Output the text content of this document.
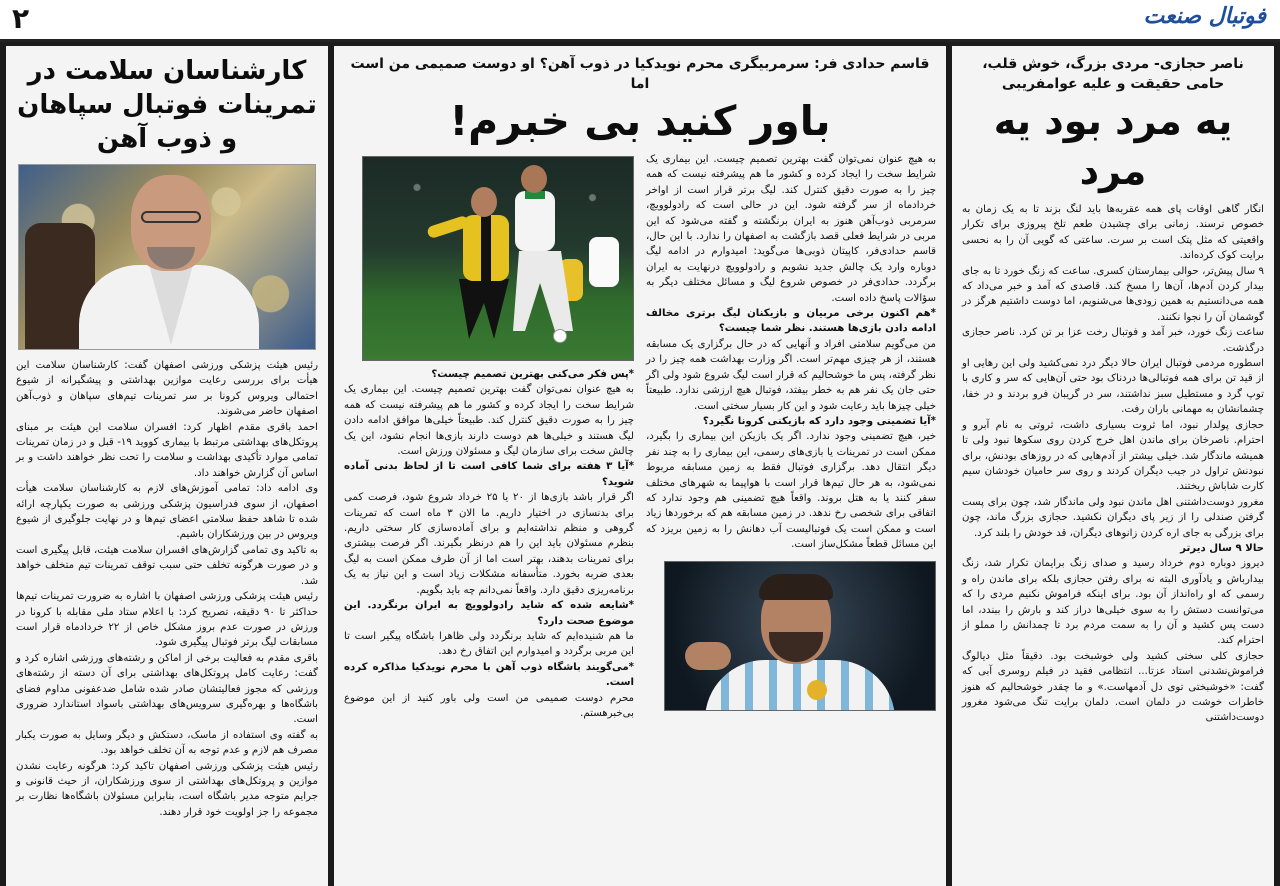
۲	فوتبال صنعت
کارشناسان سلامت در تمرینات فوتبال سپاهان و ذوب آهن

رئیس هیئت پزشکی ورزشی اصفهان گفت: کارشناسان سلامت این هیأت برای بررسی رعایت موازین بهداشتی و پیشگیرانه از شیوع احتمالی ویروس کرونا بر سر تمرینات تیم‌های سپاهان و ذوب‌آهن اصفهان حاضر می‌شوند.

احمد باقری مقدم اظهار کرد: افسران سلامت این هیئت بر مبنای پروتکل‌های بهداشتی مرتبط با بیماری کووید ۱۹- قبل و در زمان تمرینات تمامی موارد تأکیدی بهداشت و سلامت را تحت نظر خواهند داشت و بر اساس آن گزارش خواهند داد.

وی ادامه داد: تمامی آموزش‌های لازم به کارشناسان سلامت هیأت اصفهان، از سوی فدراسیون پزشکی ورزشی به صورت یکپارچه ارائه شده تا شاهد حفظ سلامتی اعضای تیم‌ها و در نهایت جلوگیری از شیوع ویروس در بین ورزشکاران باشیم.

به تاکید وی تمامی گزارش‌های افسران سلامت هیئت، قابل پیگیری است و در صورت هرگونه تخلف حتی سبب توقف تمرینات تیم متخلف خواهد شد.

رئیس هیئت پزشکی ورزشی اصفهان با اشاره به ضرورت تمرینات تیم‌ها حداکثر تا ۹۰ دقیقه، تصریح کرد: با اعلام ستاد ملی مقابله با کرونا در ورزش در صورت عدم بروز مشکل خاص از ۲۲ خردادماه قرار است مسابقات لیگ برتر فوتبال پیگیری شود.

باقری مقدم به فعالیت برخی از اماکن و رشته‌های ورزشی اشاره کرد و گفت: رعایت کامل پروتکل‌های بهداشتی برای آن دسته از رشته‌های ورزشی که مجوز فعالیتشان صادر شده شامل ضدعفونی مداوم فضای باشگاه‌ها و بهره‌گیری سرویس‌های بهداشتی باسواد استاندارد ضروری است.

به گفته وی استفاده از ماسک، دستکش و دیگر وسایل به صورت یکبار مصرف هم لازم و عدم توجه به آن تخلف خواهد بود.

رئیس هیئت پزشکی ورزشی اصفهان تاکید کرد: هرگونه رعایت نشدن موازین و پروتکل‌های بهداشتی از سوی ورزشکاران، از حیث قانونی و جرایم متوجه مدیر باشگاه است، بنابراین مسئولان باشگاه‌ها نظارت بر مجموعه را جز اولویت خود قرار دهند.

قاسم حدادی فر: سرمربیگری محرم نویدکیا در ذوب آهن؟ او دوست صمیمی من است اما
باور کنید بی خبرم!

به هیچ عنوان نمی‌توان گفت بهترین تصمیم چیست. این بیماری یک شرایط سخت را ایجاد کرده و کشور ما هم پیشرفته نیست که همه چیز را به صورت دقیق کنترل کند. لیگ برتر قرار است از اواخر خردادماه از سر گرفته شود. این در حالی است که رادولوویچ، سرمربی ذوب‌آهن هنوز به ایران برنگشته و گفته می‌شود که این مربی در شرایط فعلی قصد بازگشت به اصفهان را ندارد. با این حال، قاسم حدادی‌فر، کاپیتان ذوبی‌ها می‌گوید: امیدوارم در ادامه لیگ دوباره وارد یک چالش جدید نشویم و رادولوویچ درنهایت به ایران برگردد. حدادی‌فر در خصوص شروع لیگ و مسائل مختلف دیگر به سؤالات پاسخ داده است.

*هم اکنون برخی مربیان و بازیکنان لیگ برتری مخالف ادامه دادن بازی‌ها هستند. نظر شما چیست؟

من می‌گویم سلامتی افراد و آنهایی که در حال برگزاری یک مسابقه هستند، از هر چیزی مهم‌تر است. اگر وزارت بهداشت همه چیز را در نظر گرفته، پس ما خوشحالیم که قرار است لیگ شروع شود ولی اگر حتی جان یک نفر هم به خطر بیفتد، فوتبال هیچ ارزشی ندارد. طبیعتاً خیلی چیزها باید رعایت شود و این کار بسیار سختی است.

*آیا تضمینی وجود دارد که بازیکنی کرونا نگیرد؟

خیر، هیچ تضمینی وجود ندارد. اگر یک بازیکن این بیماری را بگیرد، ممکن است در تمرینات یا بازی‌های رسمی، این بیماری را به چند نفر دیگر انتقال دهد. برگزاری فوتبال فقط به زمین مسابقه مربوط نمی‌شود، به هر حال تیم‌ها قرار است با هواپیما به شهرهای مختلف سفر کنند یا به هتل بروند. واقعاً هیچ تضمینی هم وجود ندارد که اتفاقی برای شخصی رخ ندهد. در زمین مسابقه هم که برخوردها زیاد است و ممکن است یک فوتبالیست آب دهانش را به زمین بریزد که این مسائل قطعاً مشکل‌ساز است.

*پس فکر می‌کنی بهترین تصمیم چیست؟

به هیچ عنوان نمی‌توان گفت بهترین تصمیم چیست. این بیماری یک شرایط سخت را ایجاد کرده و کشور ما هم پیشرفته نیست که همه چیز را به صورت دقیق کنترل کند. طبیعتاً خیلی‌ها موافق ادامه دادن لیگ هستند و خیلی‌ها هم دوست دارند بازی‌ها انجام نشود، این یک چالش سخت برای سازمان لیگ و مسئولان ورزش است.

*آیا ۳ هفته برای شما کافی است تا از لحاظ بدنی آماده شوید؟

اگر قرار باشد بازی‌ها از ۲۰ یا ۲۵ خرداد شروع شود، فرصت کمی برای بدنسازی در اختیار داریم. ما الان ۳ ماه است که تمرینات گروهی و منظم نداشته‌ایم و برای آماده‌سازی کار سختی داریم. بنظرم مسئولان باید این را هم درنظر بگیرند. اگر فرصت بیشتری برای تمرینات بدهند، بهتر است اما از آن طرف ممکن است به لیگ بعدی ضربه بخورد. متأسفانه مشکلات زیاد است و این نیاز به یک برنامه‌ریزی دقیق دارد. واقعاً نمی‌دانم چه باید بگویم.

*شایعه شده که شاید رادولوویچ به ایران برنگردد. این موضوع صحت دارد؟

ما هم شنیده‌ایم که شاید برنگردد ولی ظاهرا باشگاه پیگیر است تا این مربی برگردد و امیدوارم این اتفاق رخ دهد.

*می‌گویند باشگاه ذوب آهن با محرم نویدکیا مذاکره کرده است.

محرم دوست صمیمی من است ولی باور کنید از این موضوع بی‌خبرهستم.

ناصر حجازی- مردی بزرگ، خوش قلب، حامی حقیقت و علیه عوامفریبی
یه مرد بود یه مرد

انگار گاهی اوقات پای همه عقربه‌ها باید لنگ بزند تا به یک زمان به خصوص نرسند. زمانی برای چشیدن طعم تلخ پیروزی برای تکرار واقعیتی که مثل پتک است بر سرت. ساعتی که گویی آن را به نحسی برایت کوک کرده‌اند.

۹ سال پیش‌تر، حوالی بیمارستان کسری. ساعت که زنگ خورد تا به جای بیدار کردن آدم‌ها، آن‌ها را مسخ کند. قاصدی که آمد و خبر می‌داد که همه می‌دانستیم به همین زودی‌ها می‌شنویم، اما دوست داشتیم هرگز در گوشمان آن را نجوا نکنند.

ساعت زنگ خورد، خبر آمد و فوتبال رخت عزا بر تن کرد. ناصر حجازی درگذشت.

اسطوره مردمی فوتبال ایران حالا دیگر درد نمی‌کشید ولی این رهایی او از قید تن برای همه فوتبالی‌ها دردناک بود حتی آن‌هایی که سر و کاری با توپ گرد و مستطیل سبز نداشتند، سر در گریبان فرو بردند و در خفا، چشمانشان به مهمانی باران رفت.

حجازی پولدار نبود، اما ثروت بسیاری داشت، ثروتی به نام آبرو و احترام. ناصرخان برای ماندن اهل خرج کردن روی سکوها نبود ولی تا همیشه ماندگار شد. خیلی بیشتر از آدم‌هایی که در روزهای بودنش، برای نبودنش تراول در جیب دیگران کردند و روی سر حامیان خودشان سیم کارت شاباش ریختند.

مغرور دوست‌داشتنی اهل ماندن نبود ولی ماندگار شد، چون برای پست گرفتن صندلی را از زیر پای دیگران نکشید. حجازی بزرگ ماند، چون برای بزرگی به جای اره کردن زانوهای دیگران، قد خودش را بلند کرد.

حالا ۹ سال دیرتر

دیروز دوباره دوم خرداد رسید و صدای زنگ برایمان تکرار شد، زنگ بیدارباش و یادآوری البته نه برای رفتن حجازی بلکه برای ماندن راه و رسمی که او راه‌انداز آن بود. برای اینکه فراموش نکنیم مردی را که می‌توانست دستش را به سوی خیلی‌ها دراز کند و بارش را ببندد، اما دست پس کشید و آن را به سمت مردم برد تا چمدانش را مملو از احترام کند.

حجازی کلی سختی کشید ولی خوشبخت بود. دقیقاً مثل دیالوگ فراموش‌نشدنی استاد عزتا... انتظامی فقید در فیلم روسری آبی که گفت: «خوشبختی توی دل آدمهاست.» و ما چقدر خوشحالیم که هنوز خاطرات خوشت در دلمان است. دلمان برایت تنگ می‌شود مغرور دوست‌داشتنی
